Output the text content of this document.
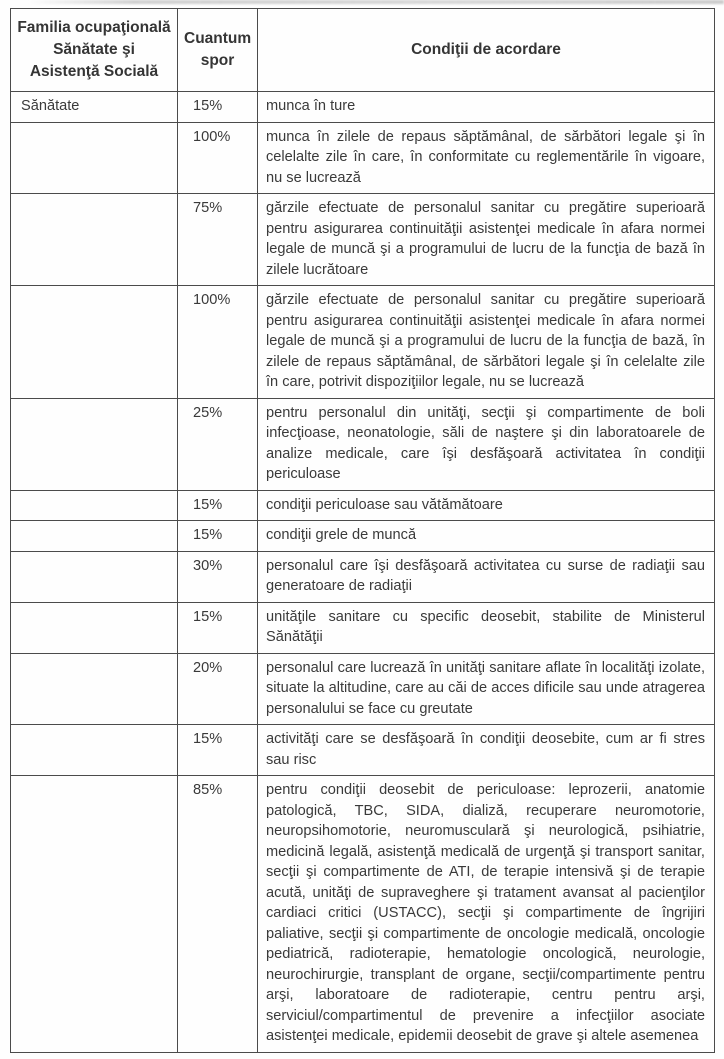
Familia ocupaţională
Sănătate şi
Asistenţă Socială	Cuantum
spor	Condiţii de acordare
Sănătate	15%	munca în ture
	100%	munca în zilele de repaus săptămânal, de sărbători legale şi în celelalte zile în care, în conformitate cu reglementările în vigoare, nu se lucrează
	75%	gărzile efectuate de personalul sanitar cu pregătire superioară pentru asigurarea continuităţii asistenţei medicale în afara normei legale de muncă şi a programului de lucru de la funcţia de bază în zilele lucrătoare
	100%	gărzile efectuate de personalul sanitar cu pregătire superioară pentru asigurarea continuităţii asistenţei medicale în afara normei legale de muncă şi a programului de lucru de la funcţia de bază, în zilele de repaus săptămânal, de sărbători legale şi în celelalte zile în care, potrivit dispoziţiilor legale, nu se lucrează
	25%	pentru personalul din unităţi, secţii şi compartimente de boli infecţioase, neonatologie, săli de naştere şi din laboratoarele de analize medicale, care îşi desfăşoară activitatea în condiţii periculoase
	15%	condiţii periculoase sau vătămătoare
	15%	condiţii grele de muncă
	30%	personalul care îşi desfăşoară activitatea cu surse de radiaţii sau generatoare de radiaţii
	15%	unităţile sanitare cu specific deosebit, stabilite de Ministerul Sănătăţii
	20%	personalul care lucrează în unităţi sanitare aflate în localităţi izolate, situate la altitudine, care au căi de acces dificile sau unde atragerea personalului se face cu greutate
	15%	activităţi care se desfăşoară în condiţii deosebite, cum ar fi stres sau risc
	85%	pentru condiţii deosebit de periculoase: leprozerii, anatomie patologică, TBC, SIDA, dializă, recuperare neuromotorie, neuropsihomotorie, neuromusculară şi neurologică, psihiatrie, medicină legală, asistenţă medicală de urgenţă şi transport sanitar, secţii şi compartimente de ATI, de terapie intensivă şi de terapie acută, unităţi de supraveghere şi tratament avansat al pacienţilor cardiaci critici (USTACC), secţii şi compartimente de îngrijiri paliative, secţii şi compartimente de oncologie medicală, oncologie pediatrică, radioterapie, hematologie oncologică, neurologie, neurochirurgie, transplant de organe, secţii/compartimente pentru arşi, laboratoare de radioterapie, centru pentru arşi, serviciul/compartimentul de prevenire a infecţiilor asociate asistenţei medicale, epidemii deosebit de grave şi altele asemenea
